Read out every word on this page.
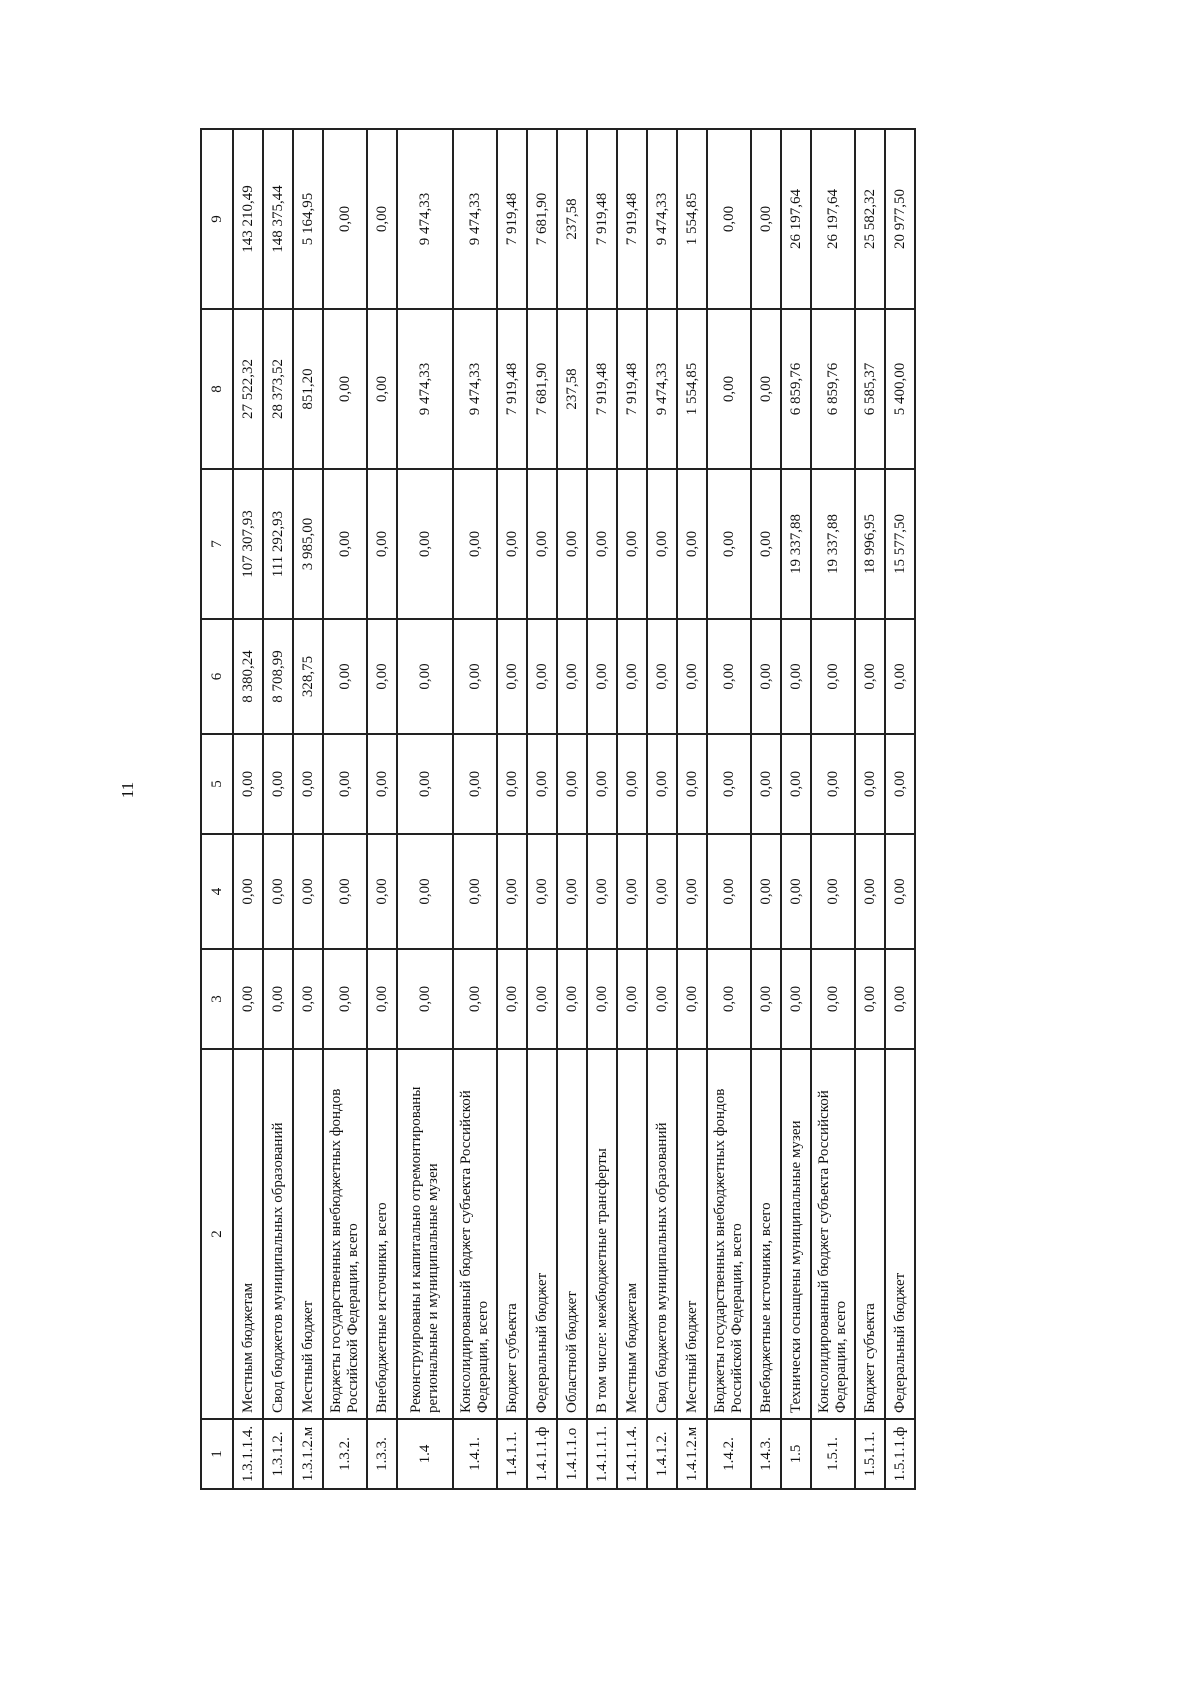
11
1	2	3	4	5	6	7	8	9
1.3.1.1.4.	Местным бюджетам	0,00	0,00	0,00	8 380,24	107 307,93	27 522,32	143 210,49
1.3.1.2.	Свод бюджетов муниципальных образований	0,00	0,00	0,00	8 708,99	111 292,93	28 373,52	148 375,44
1.3.1.2.м	Местный бюджет	0,00	0,00	0,00	328,75	3 985,00	851,20	5 164,95
1.3.2.	Бюджеты государственных внебюджетных фондов Российской Федерации, всего	0,00	0,00	0,00	0,00	0,00	0,00	0,00
1.3.3.	Внебюджетные источники, всего	0,00	0,00	0,00	0,00	0,00	0,00	0,00
1.4	Реконструированы и капитально отремонтированы региональные и муниципальные музеи	0,00	0,00	0,00	0,00	0,00	9 474,33	9 474,33
1.4.1.	Консолидированный бюджет субъекта Российской Федерации, всего	0,00	0,00	0,00	0,00	0,00	9 474,33	9 474,33
1.4.1.1.	Бюджет субъекта	0,00	0,00	0,00	0,00	0,00	7 919,48	7 919,48
1.4.1.1.ф	Федеральный бюджет	0,00	0,00	0,00	0,00	0,00	7 681,90	7 681,90
1.4.1.1.о	Областной бюджет	0,00	0,00	0,00	0,00	0,00	237,58	237,58
1.4.1.1.1.	В том числе: межбюджетные трансферты	0,00	0,00	0,00	0,00	0,00	7 919,48	7 919,48
1.4.1.1.4.	Местным бюджетам	0,00	0,00	0,00	0,00	0,00	7 919,48	7 919,48
1.4.1.2.	Свод бюджетов муниципальных образований	0,00	0,00	0,00	0,00	0,00	9 474,33	9 474,33
1.4.1.2.м	Местный бюджет	0,00	0,00	0,00	0,00	0,00	1 554,85	1 554,85
1.4.2.	Бюджеты государственных внебюджетных фондов Российской Федерации, всего	0,00	0,00	0,00	0,00	0,00	0,00	0,00
1.4.3.	Внебюджетные источники, всего	0,00	0,00	0,00	0,00	0,00	0,00	0,00
1.5	Технически оснащены муниципальные музеи	0,00	0,00	0,00	0,00	19 337,88	6 859,76	26 197,64
1.5.1.	Консолидированный бюджет субъекта Российской Федерации, всего	0,00	0,00	0,00	0,00	19 337,88	6 859,76	26 197,64
1.5.1.1.	Бюджет субъекта	0,00	0,00	0,00	0,00	18 996,95	6 585,37	25 582,32
1.5.1.1.ф	Федеральный бюджет	0,00	0,00	0,00	0,00	15 577,50	5 400,00	20 977,50
